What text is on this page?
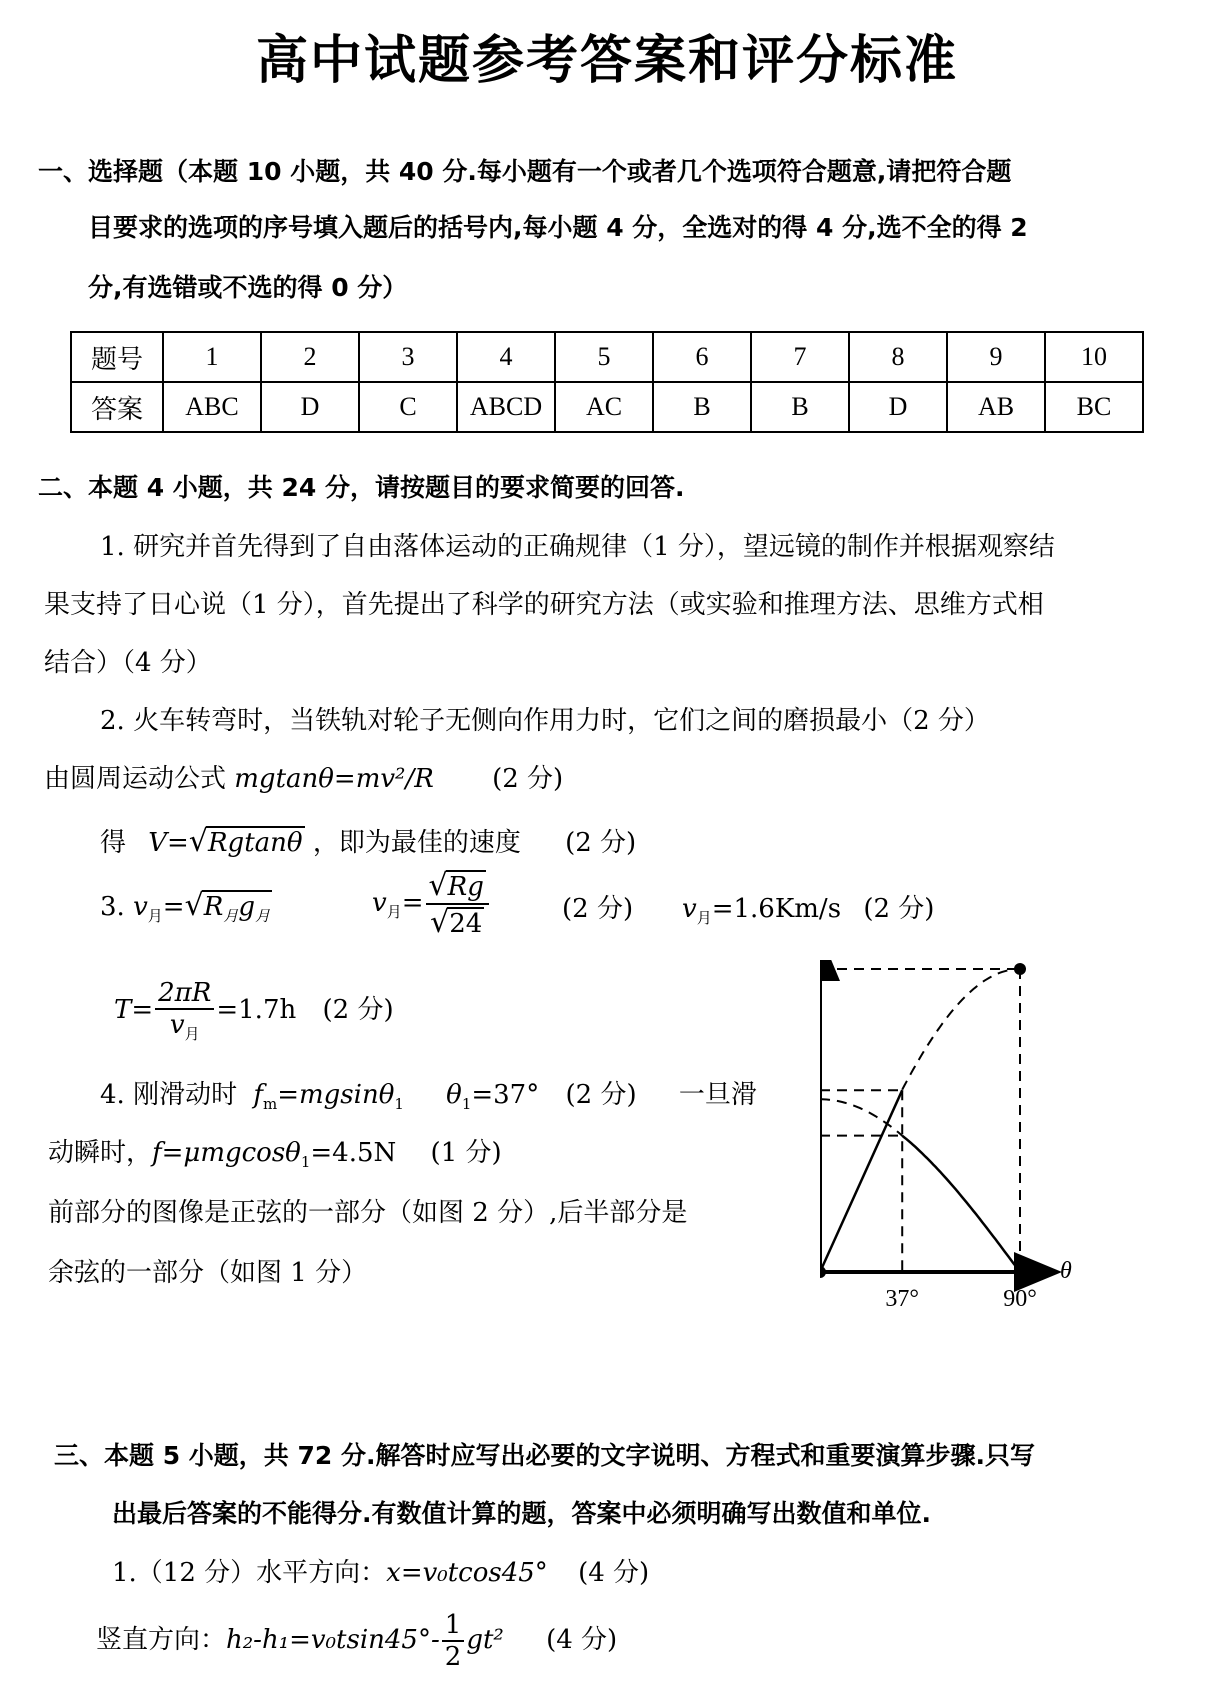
高中试题参考答案和评分标准
一、选择题（本题 10 小题，共 40 分.每小题有一个或者几个选项符合题意,请把符合题
目要求的选项的序号填入题后的括号内,每小题 4 分，全选对的得 4 分,选不全的得 2
分,有选错或不选的得 0 分）
题号	1	2	3	4	5	6	7	8	9	10
答案	ABC	D	C	ABCD	AC	B	B	D	AB	BC
二、本题 4 小题，共 24 分，请按题目的要求简要的回答.
1. 研究并首先得到了自由落体运动的正确规律（1 分），望远镜的制作并根据观察结
果支持了日心说（1 分），首先提出了科学的研究方法（或实验和推理方法、思维方式相
结合）（4 分）
2. 火车转弯时，当铁轨对轮子无侧向作用力时，它们之间的磨损最小（2 分）
由圆周运动公式 mgtanθ=mv²/R (2 分)
得 V=√Rgtanθ ，即为最佳的速度 (2 分)
3. $v_月=√R_月g_月$	$v_月= \frac{√Rg}{√24}$	(2 分) $v_月=1.6Km/s$ (2 分)
$T= \frac{2\pi R}{v_月} =1.7h$ (2 分)
4. 刚滑动时 $f_m=mgsin\theta_1$ $\theta_1=37^\circ$ (2 分) 一旦滑
动瞬时，f=μmgcosθ$_1$=4.5N (1 分)
前部分的图像是正弦的一部分（如图 2 分）,后半部分是
余弦的一部分（如图 1 分）	θ
37°	90°
三、本题 5 小题，共 72 分.解答时应写出必要的文字说明、方程式和重要演算步骤.只写
出最后答案的不能得分.有数值计算的题，答案中必须明确写出数值和单位.
1.（12 分）水平方向：x=v₀tcos45° (4 分)
竖直方向：$h_2-h_1=v_0tsin45^\circ- \frac{1}{2} gt^2$ (4 分)
